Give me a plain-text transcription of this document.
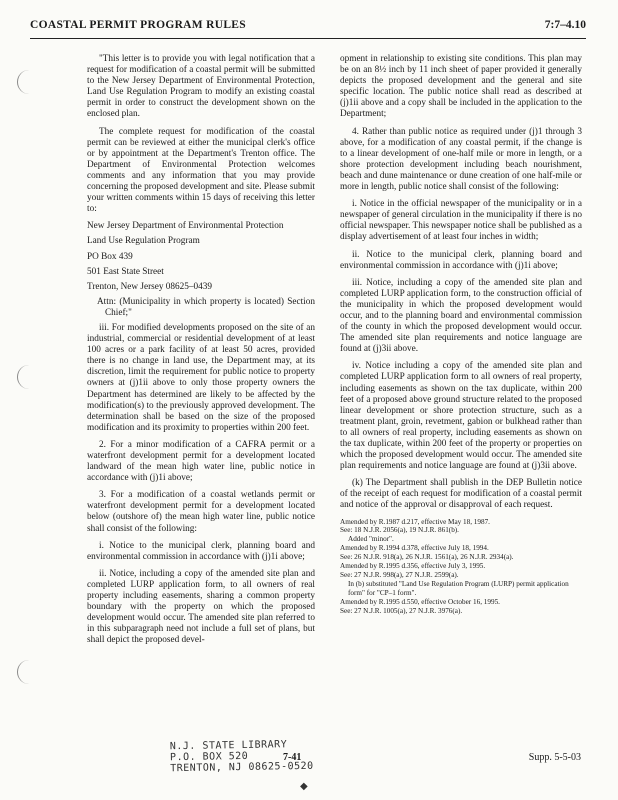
COASTAL PERMIT PROGRAM RULES	7:7–4.10

"This letter is to provide you with legal notification that a request for modification of a coastal permit will be submitted to the New Jersey Department of Environmental Protection, Land Use Regulation Program to modify an existing coastal permit in order to construct the development shown on the enclosed plan.

The complete request for modification of the coastal permit can be reviewed at either the municipal clerk's office or by appointment at the Department's Trenton office. The Department of Environmental Protection welcomes comments and any information that you may provide concerning the proposed development and site. Please submit your written comments within 15 days of receiving this letter to:

New Jersey Department of Environmental Protection

Land Use Regulation Program

PO Box 439

501 East State Street

Trenton, New Jersey 08625–0439

Attn: (Municipality in which property is located) Section Chief;"

iii. For modified developments proposed on the site of an industrial, commercial or residential development of at least 100 acres or a park facility of at least 50 acres, provided there is no change in land use, the Department may, at its discretion, limit the requirement for public notice to property owners at (j)1ii above to only those property owners the Department has determined are likely to be affected by the modification(s) to the previously approved development. The determination shall be based on the size of the proposed modification and its proximity to properties within 200 feet.

2. For a minor modification of a CAFRA permit or a waterfront development permit for a development located landward of the mean high water line, public notice in accordance with (j)1i above;

3. For a modification of a coastal wetlands permit or waterfront development permit for a development located below (outshore of) the mean high water line, public notice shall consist of the following:

i. Notice to the municipal clerk, planning board and environmental commission in accordance with (j)1i above;

ii. Notice, including a copy of the amended site plan and completed LURP application form, to all owners of real property including easements, sharing a common property boundary with the property on which the proposed development would occur. The amended site plan referred to in this subparagraph need not include a full set of plans, but shall depict the proposed devel-

opment in relationship to existing site conditions. This plan may be on an 8½ inch by 11 inch sheet of paper provided it generally depicts the proposed development and the general and site specific location. The public notice shall read as described at (j)1ii above and a copy shall be included in the application to the Department;

4. Rather than public notice as required under (j)1 through 3 above, for a modification of any coastal permit, if the change is to a linear development of one-half mile or more in length, or a shore protection development including beach nourishment, beach and dune maintenance or dune creation of one half-mile or more in length, public notice shall consist of the following:

i. Notice in the official newspaper of the municipality or in a newspaper of general circulation in the municipality if there is no official newspaper. This newspaper notice shall be published as a display advertisement of at least four inches in width;

ii. Notice to the municipal clerk, planning board and environmental commission in accordance with (j)1i above;

iii. Notice, including a copy of the amended site plan and completed LURP application form, to the construction official of the municipality in which the proposed development would occur, and to the planning board and environmental commission of the county in which the proposed development would occur. The amended site plan requirements and notice language are found at (j)3ii above.

iv. Notice including a copy of the amended site plan and completed LURP application form to all owners of real property, including easements as shown on the tax duplicate, within 200 feet of a proposed above ground structure related to the proposed linear development or shore protection structure, such as a treatment plant, groin, revetment, gabion or bulkhead rather than to all owners of real property, including easements as shown on the tax duplicate, within 200 feet of the property or properties on which the proposed development would occur. The amended site plan requirements and notice language are found at (j)3ii above.

(k) The Department shall publish in the DEP Bulletin notice of the receipt of each request for modification of a coastal permit and notice of the approval or disapproval of each request.

Amended by R.1987 d.217, effective May 18, 1987.
See: 18 N.J.R. 2056(a), 19 N.J.R. 861(b).
Added "minor".
Amended by R.1994 d.378, effective July 18, 1994.
See: 26 N.J.R. 918(a), 26 N.J.R. 1561(a), 26 N.J.R. 2934(a).
Amended by R.1995 d.356, effective July 3, 1995.
See: 27 N.J.R. 998(a), 27 N.J.R. 2599(a).
In (b) substituted "Land Use Regulation Program (LURP) permit application form" for "CP–1 form".
Amended by R.1995 d.550, effective October 16, 1995.
See: 27 N.J.R. 1005(a), 27 N.J.R. 3976(a).
N.J. STATE LIBRARY
P.O. BOX 520
TRENTON, NJ 08625-0520
7-41	Supp. 5-5-03
◆
